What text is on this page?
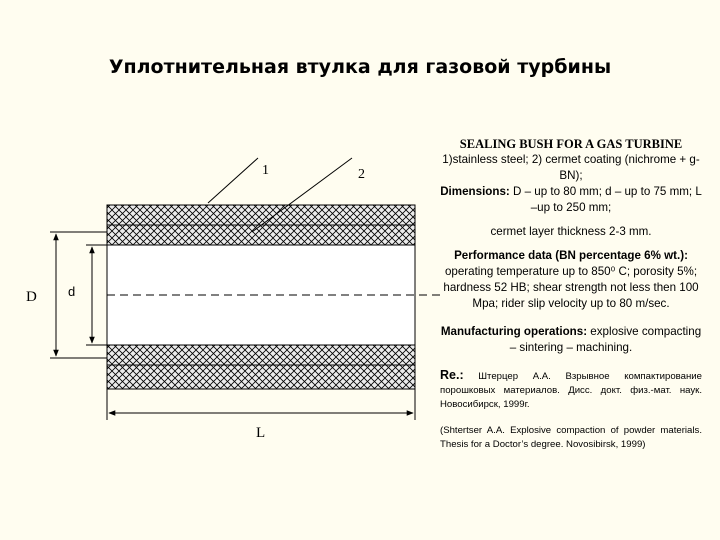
Уплотнительная втулка для газовой турбины
1	2
D d
L

SEALING BUSH FOR A GAS TURBINE

1)stainless steel; 2) cermet coating (nichrome + g-BN);

Dimensions: D – up to 80 mm; d – up to 75 mm; L –up to 250 mm;

cermet layer thickness 2-3 mm.

Performance data (BN percentage 6% wt.): operating temperature up to 850⁰ C; porosity 5%; hardness 52 HB; shear strength not less then 100 Mpa; rider slip velocity up to 80 m/sec.

Manufacturing operations: explosive compacting – sintering – machining.

Re.: Штерцер А.А. Взрывное компактирование порошковых материалов. Дисс. докт. физ.-мат. наук. Новосибирск, 1999г.

(Shtertser A.A. Explosive compaction of powder materials. Thesis for a Doctor’s degree. Novosibirsk, 1999)
